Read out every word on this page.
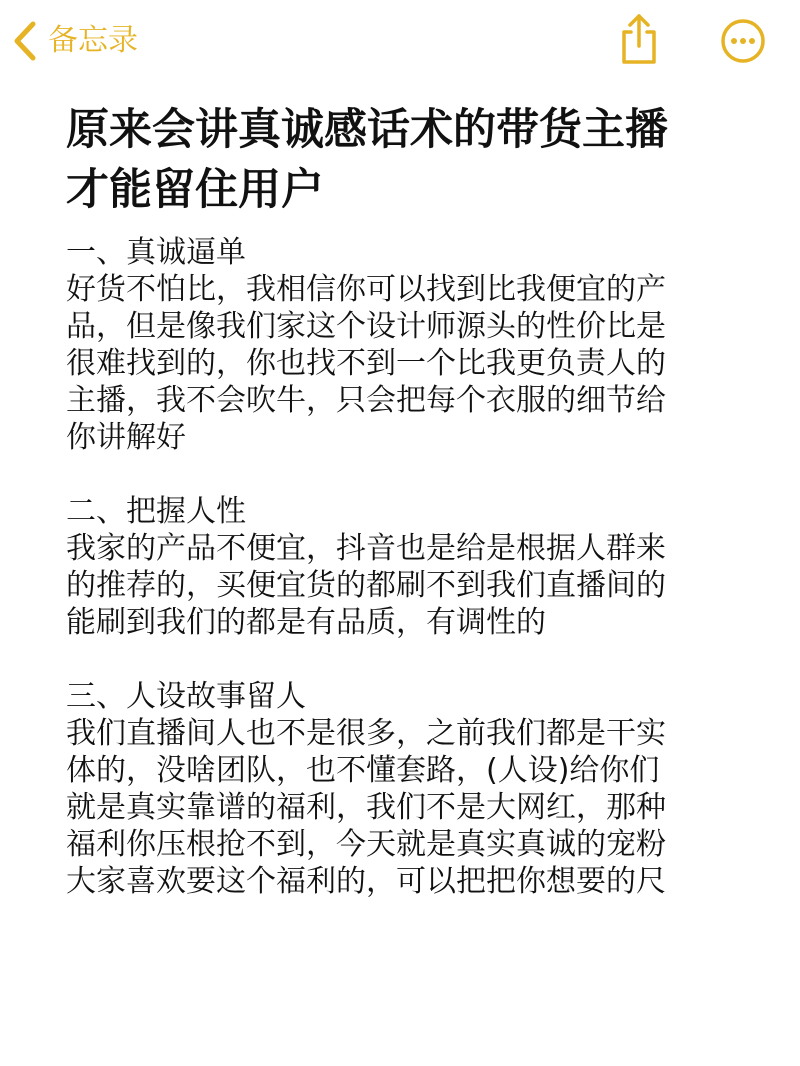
备忘录
原来会讲真诚感话术的带货主播
才能留住用户
一、真诚逼单
好货不怕比，我相信你可以找到比我便宜的产
品，但是像我们家这个设计师源头的性价比是
很难找到的，你也找不到一个比我更负责人的
主播，我不会吹牛，只会把每个衣服的细节给
你讲解好
二、把握人性
我家的产品不便宜，抖音也是给是根据人群来
的推荐的，买便宜货的都刷不到我们直播间的
能刷到我们的都是有品质，有调性的
三、人设故事留人
我们直播间人也不是很多，之前我们都是干实
体的，没啥团队，也不懂套路，(人设)给你们
就是真实靠谱的福利，我们不是大网红，那种
福利你压根抢不到，今天就是真实真诚的宠粉
大家喜欢要这个福利的，可以把把你想要的尺
